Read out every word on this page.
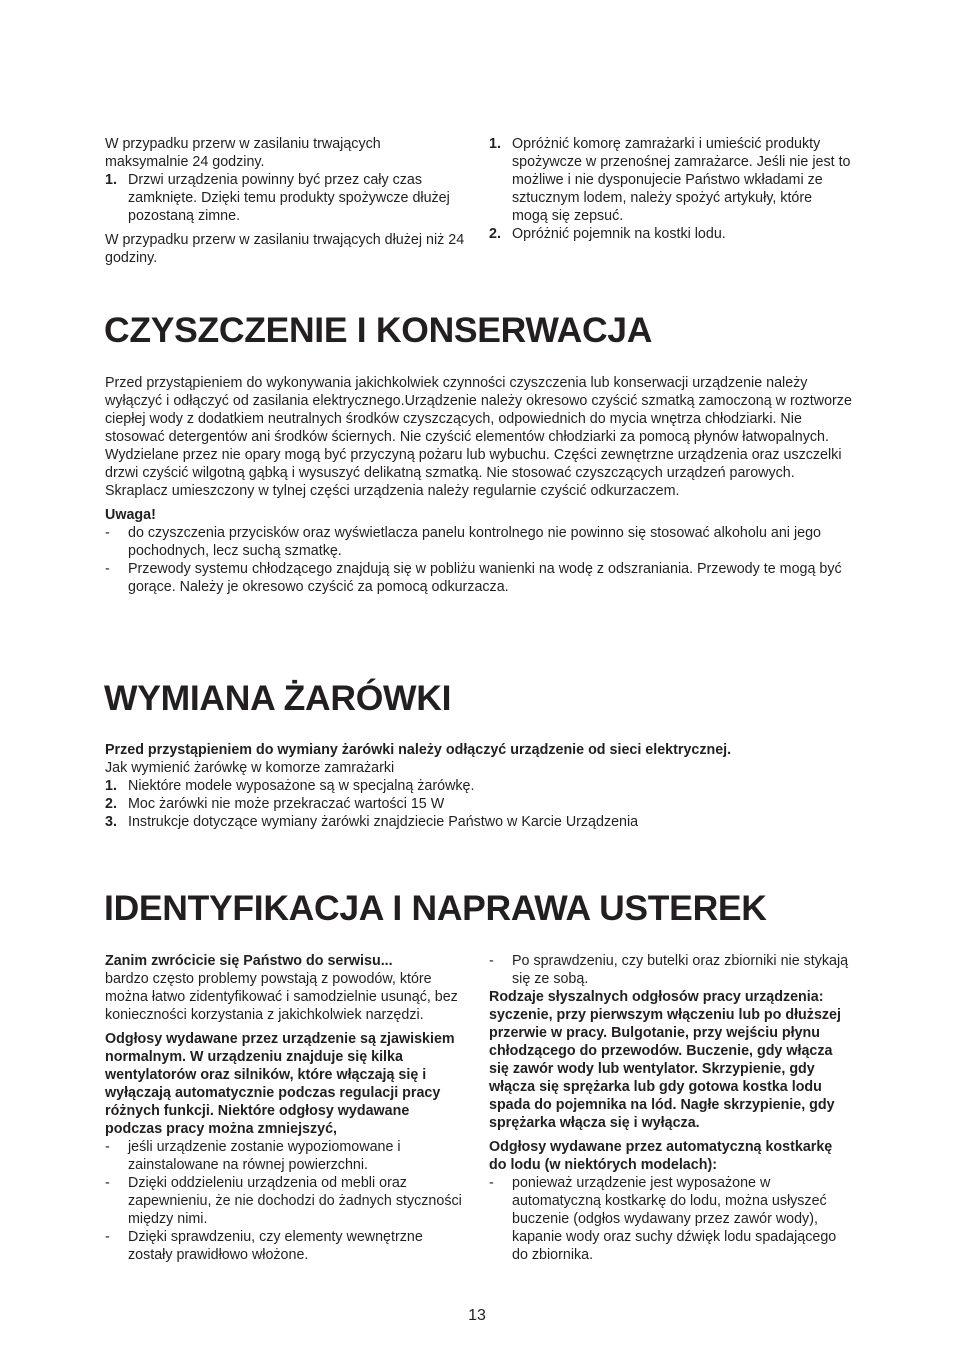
W przypadku przerw w zasilaniu trwających maksymalnie 24 godziny.

1. Drzwi urządzenia powinny być przez cały czas zamknięte. Dzięki temu produkty spożywcze dłużej pozostaną zimne.

W przypadku przerw w zasilaniu trwających dłużej niż 24 godziny.

1. Opróżnić komorę zamrażarki i umieścić produkty spożywcze w przenośnej zamrażarce. Jeśli nie jest to możliwe i nie dysponujecie Państwo wkładami ze sztucznym lodem, należy spożyć artykuły, które mogą się zepsuć.
2. Opróżnić pojemnik na kostki lodu.
CZYSZCZENIE I KONSERWACJA

Przed przystąpieniem do wykonywania jakichkolwiek czynności czyszczenia lub konserwacji urządzenie należy wyłączyć i odłączyć od zasilania elektrycznego.Urządzenie należy okresowo czyścić szmatką zamoczoną w roztworze ciepłej wody z dodatkiem neutralnych środków czyszczących, odpowiednich do mycia wnętrza chłodziarki. Nie stosować detergentów ani środków ściernych. Nie czyścić elementów chłodziarki za pomocą płynów łatwopalnych. Wydzielane przez nie opary mogą być przyczyną pożaru lub wybuchu. Części zewnętrzne urządzenia oraz uszczelki drzwi czyścić wilgotną gąbką i wysuszyć delikatną szmatką. Nie stosować czyszczących urządzeń parowych. Skraplacz umieszczony w tylnej części urządzenia należy regularnie czyścić odkurzaczem.

Uwaga!

-	do czyszczenia przycisków oraz wyświetlacza panelu kontrolnego nie powinno się stosować alkoholu ani jego pochodnych, lecz suchą szmatkę.
-	Przewody systemu chłodzącego znajdują się w pobliżu wanienki na wodę z odszraniania. Przewody te mogą być gorące. Należy je okresowo czyścić za pomocą odkurzacza.
WYMIANA ŻARÓWKI

Przed przystąpieniem do wymiany żarówki należy odłączyć urządzenie od sieci elektrycznej.

Jak wymienić żarówkę w komorze zamrażarki

1. Niektóre modele wyposażone są w specjalną żarówkę.
2. Moc żarówki nie może przekraczać wartości 15 W
3. Instrukcje dotyczące wymiany żarówki znajdziecie Państwo w Karcie Urządzenia
IDENTYFIKACJA I NAPRAWA USTEREK

Zanim zwrócicie się Państwo do serwisu...

bardzo często problemy powstają z powodów, które można łatwo zidentyfikować i samodzielnie usunąć, bez konieczności korzystania z jakichkolwiek narzędzi.

Odgłosy wydawane przez urządzenie są zjawiskiem normalnym. W urządzeniu znajduje się kilka wentylatorów oraz silników, które włączają się i wyłączają automatycznie podczas regulacji pracy różnych funkcji. Niektóre odgłosy wydawane podczas pracy można zmniejszyć,

-	jeśli urządzenie zostanie wypoziomowane i zainstalowane na równej powierzchni.
-	Dzięki oddzieleniu urządzenia od mebli oraz zapewnieniu, że nie dochodzi do żadnych styczności między nimi.
-	Dzięki sprawdzeniu, czy elementy wewnętrzne zostały prawidłowo włożone.
-	Po sprawdzeniu, czy butelki oraz zbiorniki nie stykają się ze sobą.

Rodzaje słyszalnych odgłosów pracy urządzenia: syczenie, przy pierwszym włączeniu lub po dłuższej przerwie w pracy. Bulgotanie, przy wejściu płynu chłodzącego do przewodów. Buczenie, gdy włącza się zawór wody lub wentylator. Skrzypienie, gdy włącza się sprężarka lub gdy gotowa kostka lodu spada do pojemnika na lód. Nagłe skrzypienie, gdy sprężarka włącza się i wyłącza.

Odgłosy wydawane przez automatyczną kostkarkę do lodu (w niektórych modelach):

-	ponieważ urządzenie jest wyposażone w automatyczną kostkarkę do lodu, można usłyszeć buczenie (odgłos wydawany przez zawór wody), kapanie wody oraz suchy dźwięk lodu spadającego do zbiornika.
13
